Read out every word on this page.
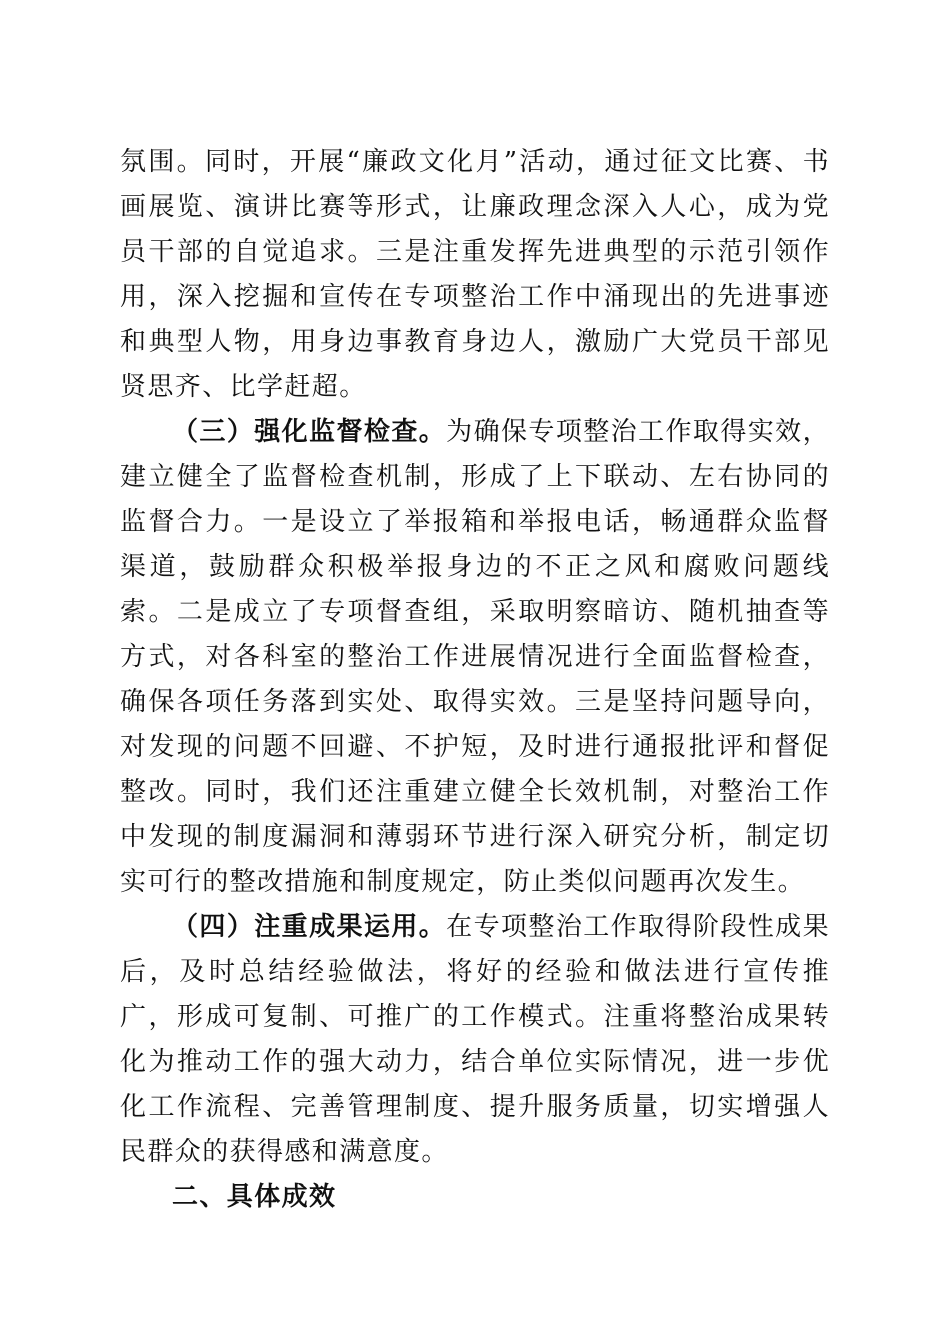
氛围。同时，开展“廉政文化月”活动，通过征文比赛、书画展览、演讲比赛等形式，让廉政理念深入人心，成为党员干部的自觉追求。三是注重发挥先进典型的示范引领作用，深入挖掘和宣传在专项整治工作中涌现出的先进事迹和典型人物，用身边事教育身边人，激励广大党员干部见贤思齐、比学赶超。

（三）强化监督检查。为确保专项整治工作取得实效，建立健全了监督检查机制，形成了上下联动、左右协同的监督合力。一是设立了举报箱和举报电话，畅通群众监督渠道，鼓励群众积极举报身边的不正之风和腐败问题线索。二是成立了专项督查组，采取明察暗访、随机抽查等方式，对各科室的整治工作进展情况进行全面监督检查，确保各项任务落到实处、取得实效。三是坚持问题导向，对发现的问题不回避、不护短，及时进行通报批评和督促整改。同时，我们还注重建立健全长效机制，对整治工作中发现的制度漏洞和薄弱环节进行深入研究分析，制定切实可行的整改措施和制度规定，防止类似问题再次发生。

（四）注重成果运用。在专项整治工作取得阶段性成果后，及时总结经验做法，将好的经验和做法进行宣传推广，形成可复制、可推广的工作模式。注重将整治成果转化为推动工作的强大动力，结合单位实际情况，进一步优化工作流程、完善管理制度、提升服务质量，切实增强人民群众的获得感和满意度。

二、具体成效
